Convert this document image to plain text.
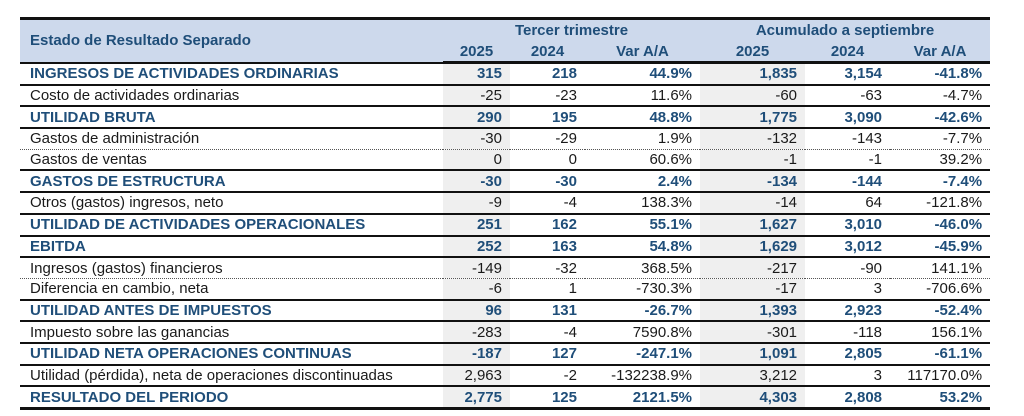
Estado de Resultado Separado	Tercer trimestre			Acumulado a septiembre		
	2025	2024	Var A/A	2025	2024	Var A/A
INGRESOS DE ACTIVIDADES ORDINARIAS	315	218	44.9%	1,835	3,154	-41.8%
Costo de actividades ordinarias	-25	-23	11.6%	-60	-63	-4.7%
UTILIDAD BRUTA	290	195	48.8%	1,775	3,090	-42.6%
Gastos de administración	-30	-29	1.9%	-132	-143	-7.7%
Gastos de ventas	0	0	60.6%	-1	-1	39.2%
GASTOS DE ESTRUCTURA	-30	-30	2.4%	-134	-144	-7.4%
Otros (gastos) ingresos, neto	-9	-4	138.3%	-14	64	-121.8%
UTILIDAD DE ACTIVIDADES OPERACIONALES	251	162	55.1%	1,627	3,010	-46.0%
EBITDA	252	163	54.8%	1,629	3,012	-45.9%
Ingresos (gastos) financieros	-149	-32	368.5%	-217	-90	141.1%
Diferencia en cambio, neta	-6	1	-730.3%	-17	3	-706.6%
UTILIDAD ANTES DE IMPUESTOS	96	131	-26.7%	1,393	2,923	-52.4%
Impuesto sobre las ganancias	-283	-4	7590.8%	-301	-118	156.1%
UTILIDAD NETA OPERACIONES CONTINUAS	-187	127	-247.1%	1,091	2,805	-61.1%
Utilidad (pérdida), neta de operaciones discontinuadas	2,963	-2	-132238.9%	3,212	3	117170.0%
RESULTADO DEL PERIODO	2,775	125	2121.5%	4,303	2,808	53.2%
